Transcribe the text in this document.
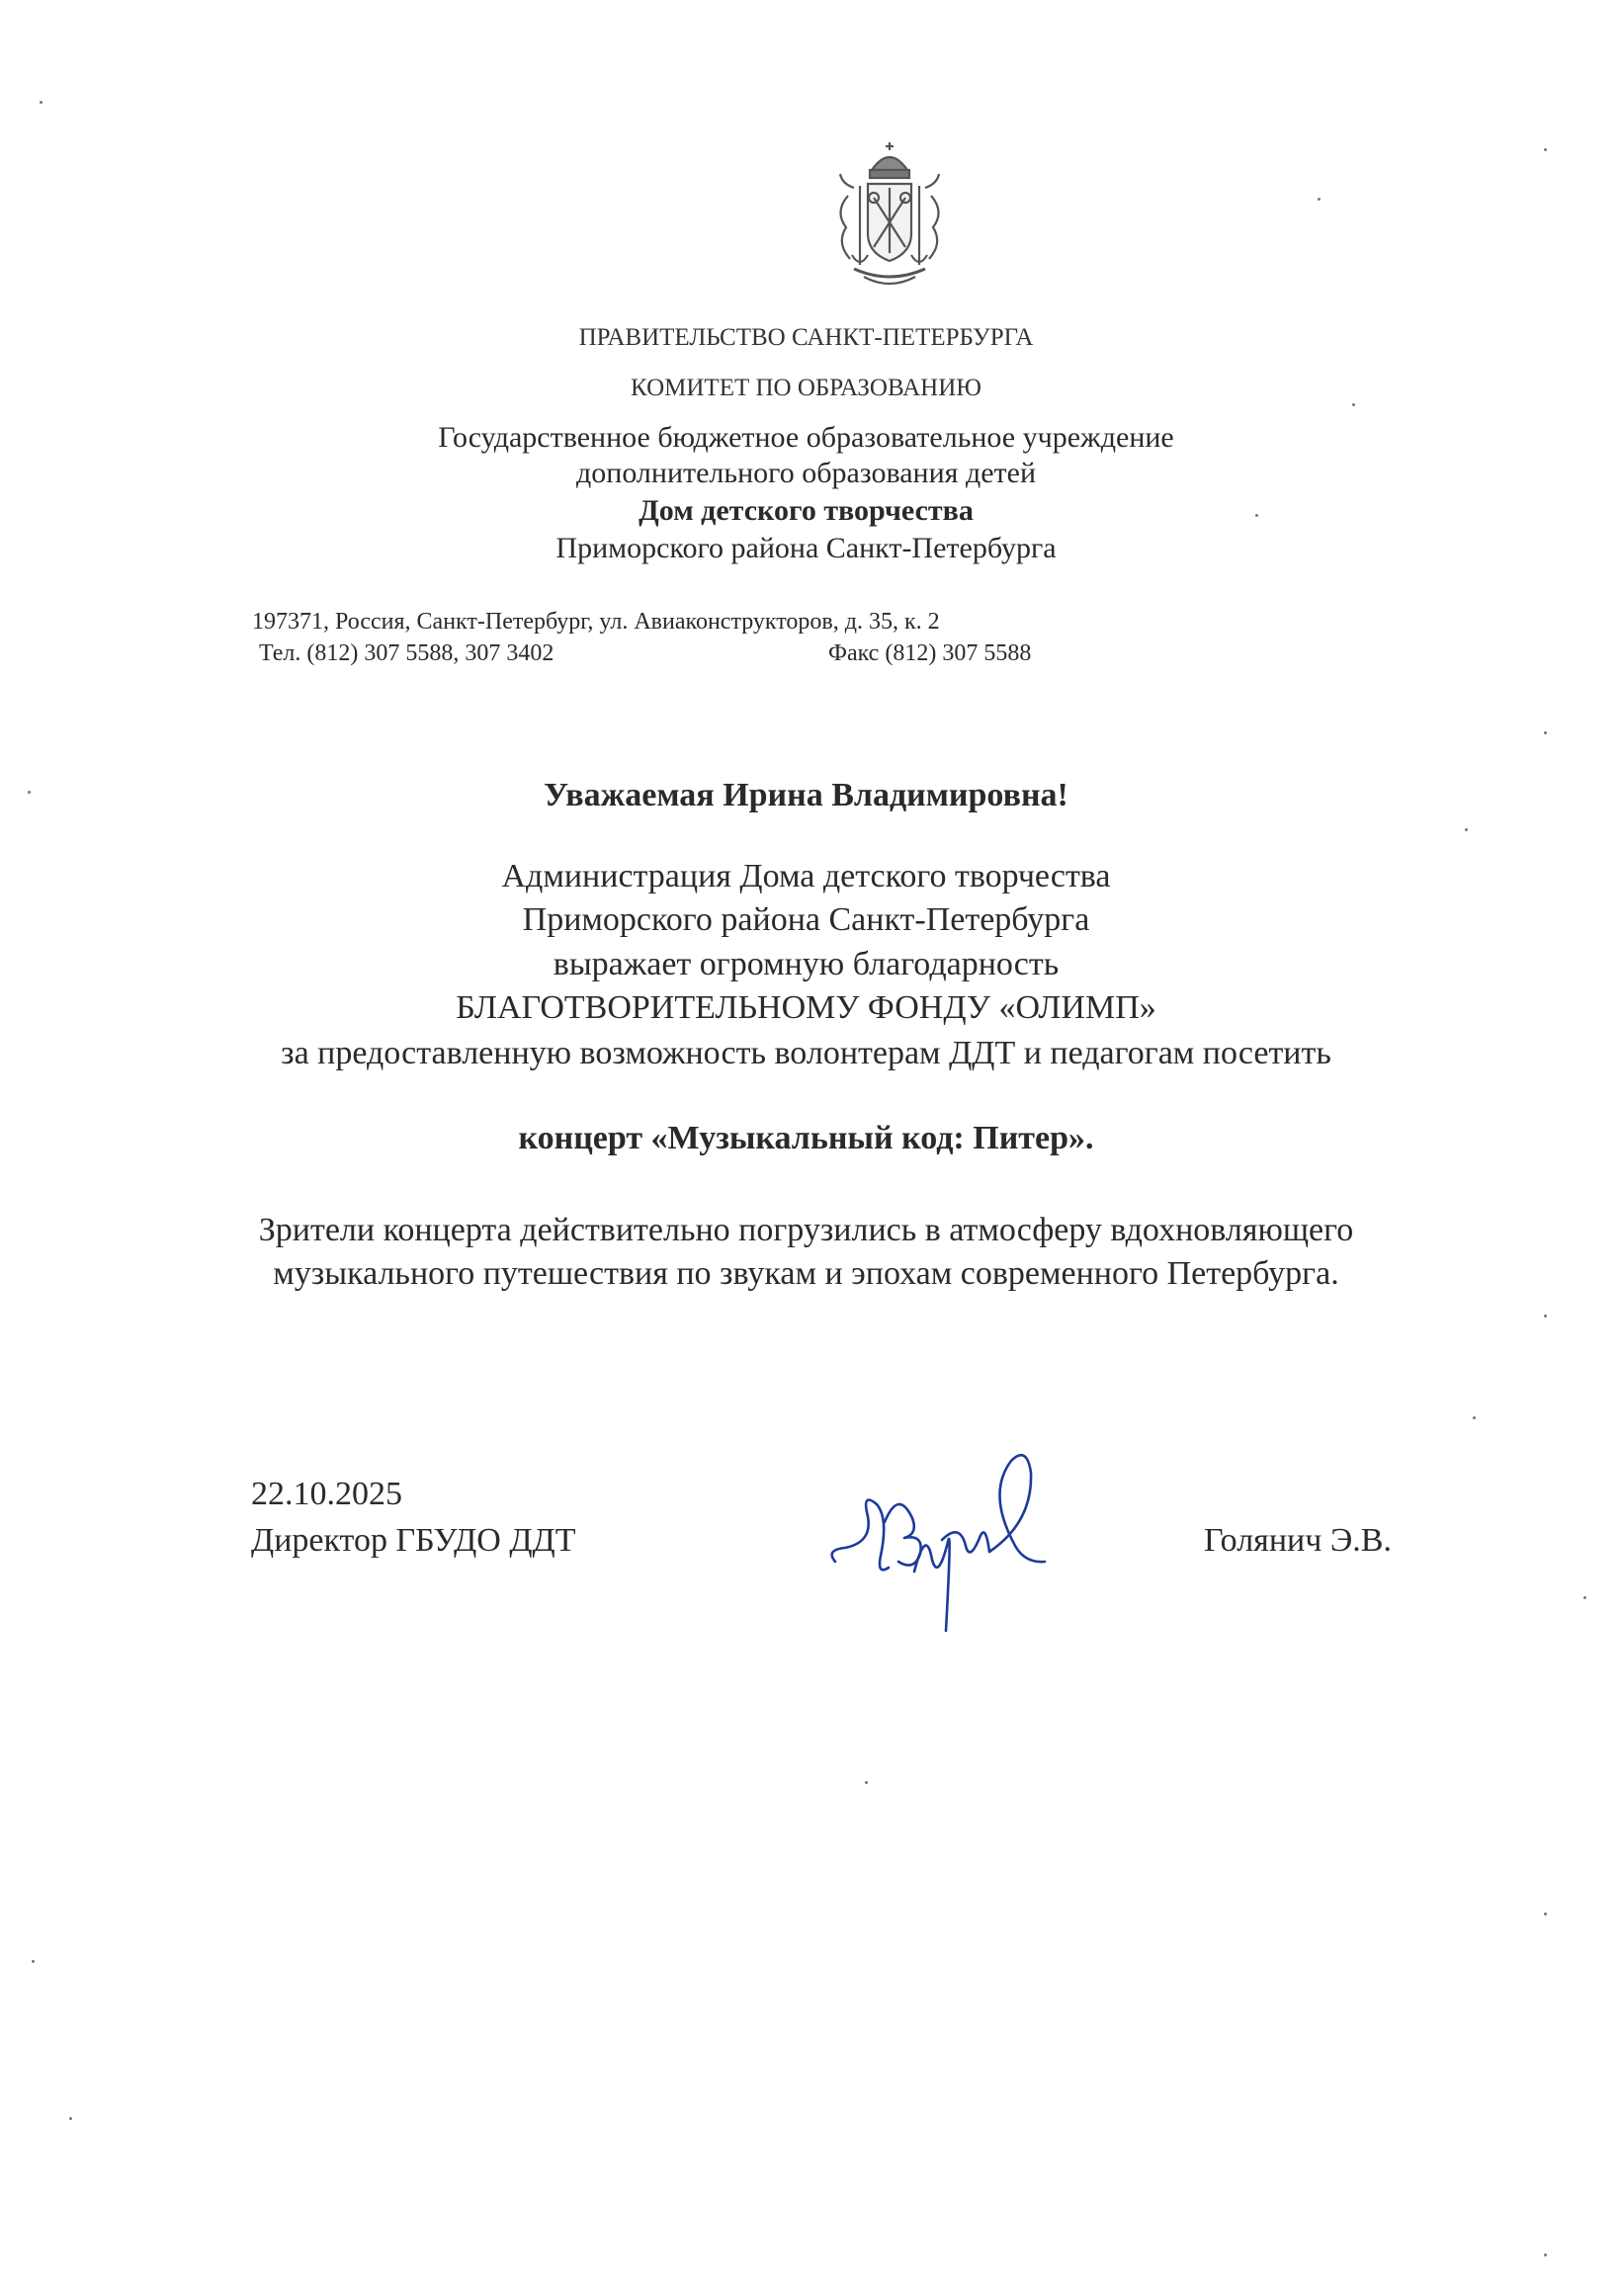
ПРАВИТЕЛЬСТВО САНКТ-ПЕТЕРБУРГА
КОМИТЕТ ПО ОБРАЗОВАНИЮ
Государственное бюджетное образовательное учреждение
дополнительного образования детей
Дом детского творчества
Приморского района Санкт-Петербурга
197371, Россия, Санкт-Петербург, ул. Авиаконструкторов, д. 35, к. 2
Тел. (812) 307 5588, 307 3402	Факс (812) 307 5588
Уважаемая Ирина Владимировна!
Администрация Дома детского творчества
Приморского района Санкт-Петербурга
выражает огромную благодарность
БЛАГОТВОРИТЕЛЬНОМУ ФОНДУ «ОЛИМП»
за предоставленную возможность волонтерам ДДТ и педагогам посетить
концерт «Музыкальный код: Питер».
Зрители концерта действительно погрузились в атмосферу вдохновляющего
музыкального путешествия по звукам и эпохам современного Петербурга.
22.10.2025
Директор ГБУДО ДДТ	Голянич Э.В.
